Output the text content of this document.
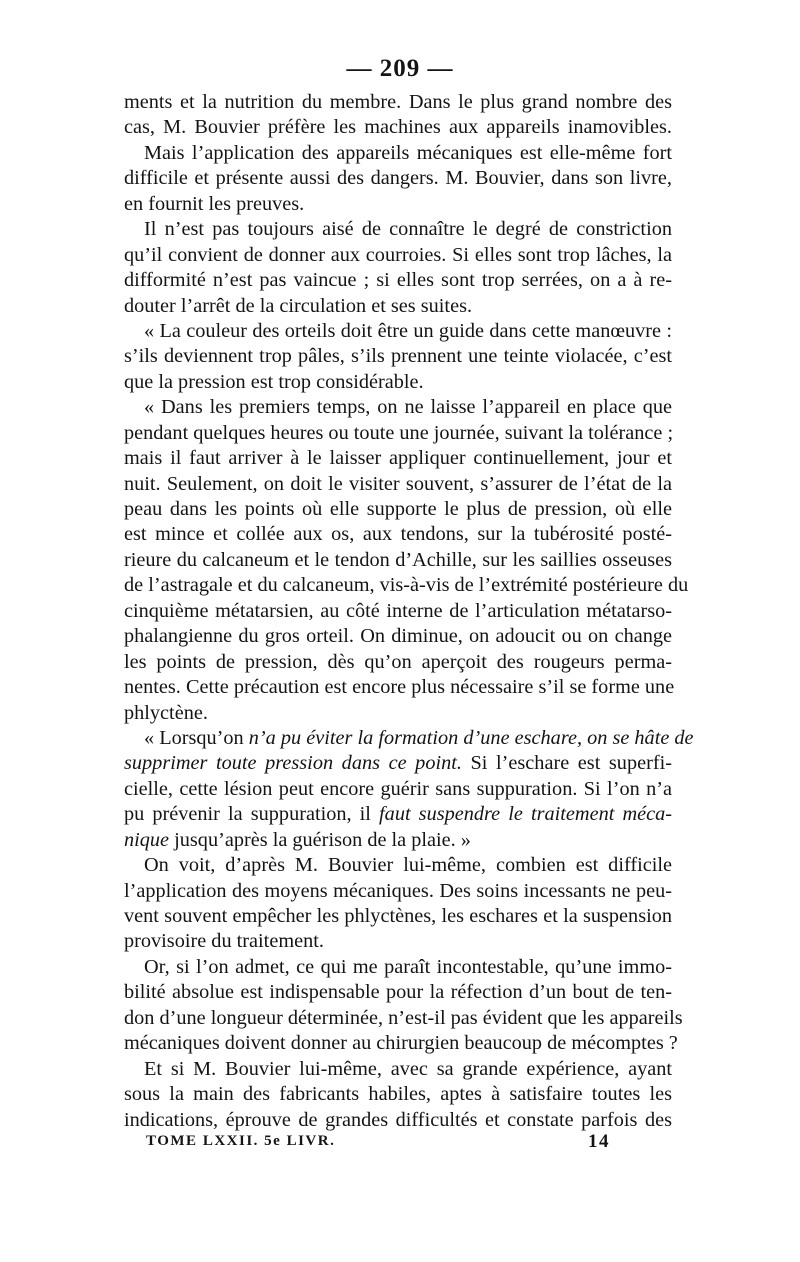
— 209 —
ments et la nutrition du membre. Dans le plus grand nombre des
cas, M. Bouvier préfère les machines aux appareils inamovibles.
Mais l’application des appareils mécaniques est elle-même fort
difficile et présente aussi des dangers. M. Bouvier, dans son livre,
en fournit les preuves.
Il n’est pas toujours aisé de connaître le degré de constriction
qu’il convient de donner aux courroies. Si elles sont trop lâches, la
difformité n’est pas vaincue ; si elles sont trop serrées, on a à re-
douter l’arrêt de la circulation et ses suites.
« La couleur des orteils doit être un guide dans cette manœuvre :
s’ils deviennent trop pâles, s’ils prennent une teinte violacée, c’est
que la pression est trop considérable.
« Dans les premiers temps, on ne laisse l’appareil en place que
pendant quelques heures ou toute une journée, suivant la tolérance ;
mais il faut arriver à le laisser appliquer continuellement, jour et
nuit. Seulement, on doit le visiter souvent, s’assurer de l’état de la
peau dans les points où elle supporte le plus de pression, où elle
est mince et collée aux os, aux tendons, sur la tubérosité posté-
rieure du calcaneum et le tendon d’Achille, sur les saillies osseuses
de l’astragale et du calcaneum, vis-à-vis de l’extrémité postérieure du
cinquième métatarsien, au côté interne de l’articulation métatarso-
phalangienne du gros orteil. On diminue, on adoucit ou on change
les points de pression, dès qu’on aperçoit des rougeurs perma-
nentes. Cette précaution est encore plus nécessaire s’il se forme une
phlyctène.
« Lorsqu’on n’a pu éviter la formation d’une eschare, on se hâte de
supprimer toute pression dans ce point. Si l’eschare est superfi-
cielle, cette lésion peut encore guérir sans suppuration. Si l’on n’a
pu prévenir la suppuration, il faut suspendre le traitement méca-
nique jusqu’après la guérison de la plaie. »
On voit, d’après M. Bouvier lui-même, combien est difficile
l’application des moyens mécaniques. Des soins incessants ne peu-
vent souvent empêcher les phlyctènes, les eschares et la suspension
provisoire du traitement.
Or, si l’on admet, ce qui me paraît incontestable, qu’une immo-
bilité absolue est indispensable pour la réfection d’un bout de ten-
don d’une longueur déterminée, n’est-il pas évident que les appareils
mécaniques doivent donner au chirurgien beaucoup de mécomptes ?
Et si M. Bouvier lui-même, avec sa grande expérience, ayant
sous la main des fabricants habiles, aptes à satisfaire toutes les
indications, éprouve de grandes difficultés et constate parfois des
TOME LXXII. 5e LIVR.	14
